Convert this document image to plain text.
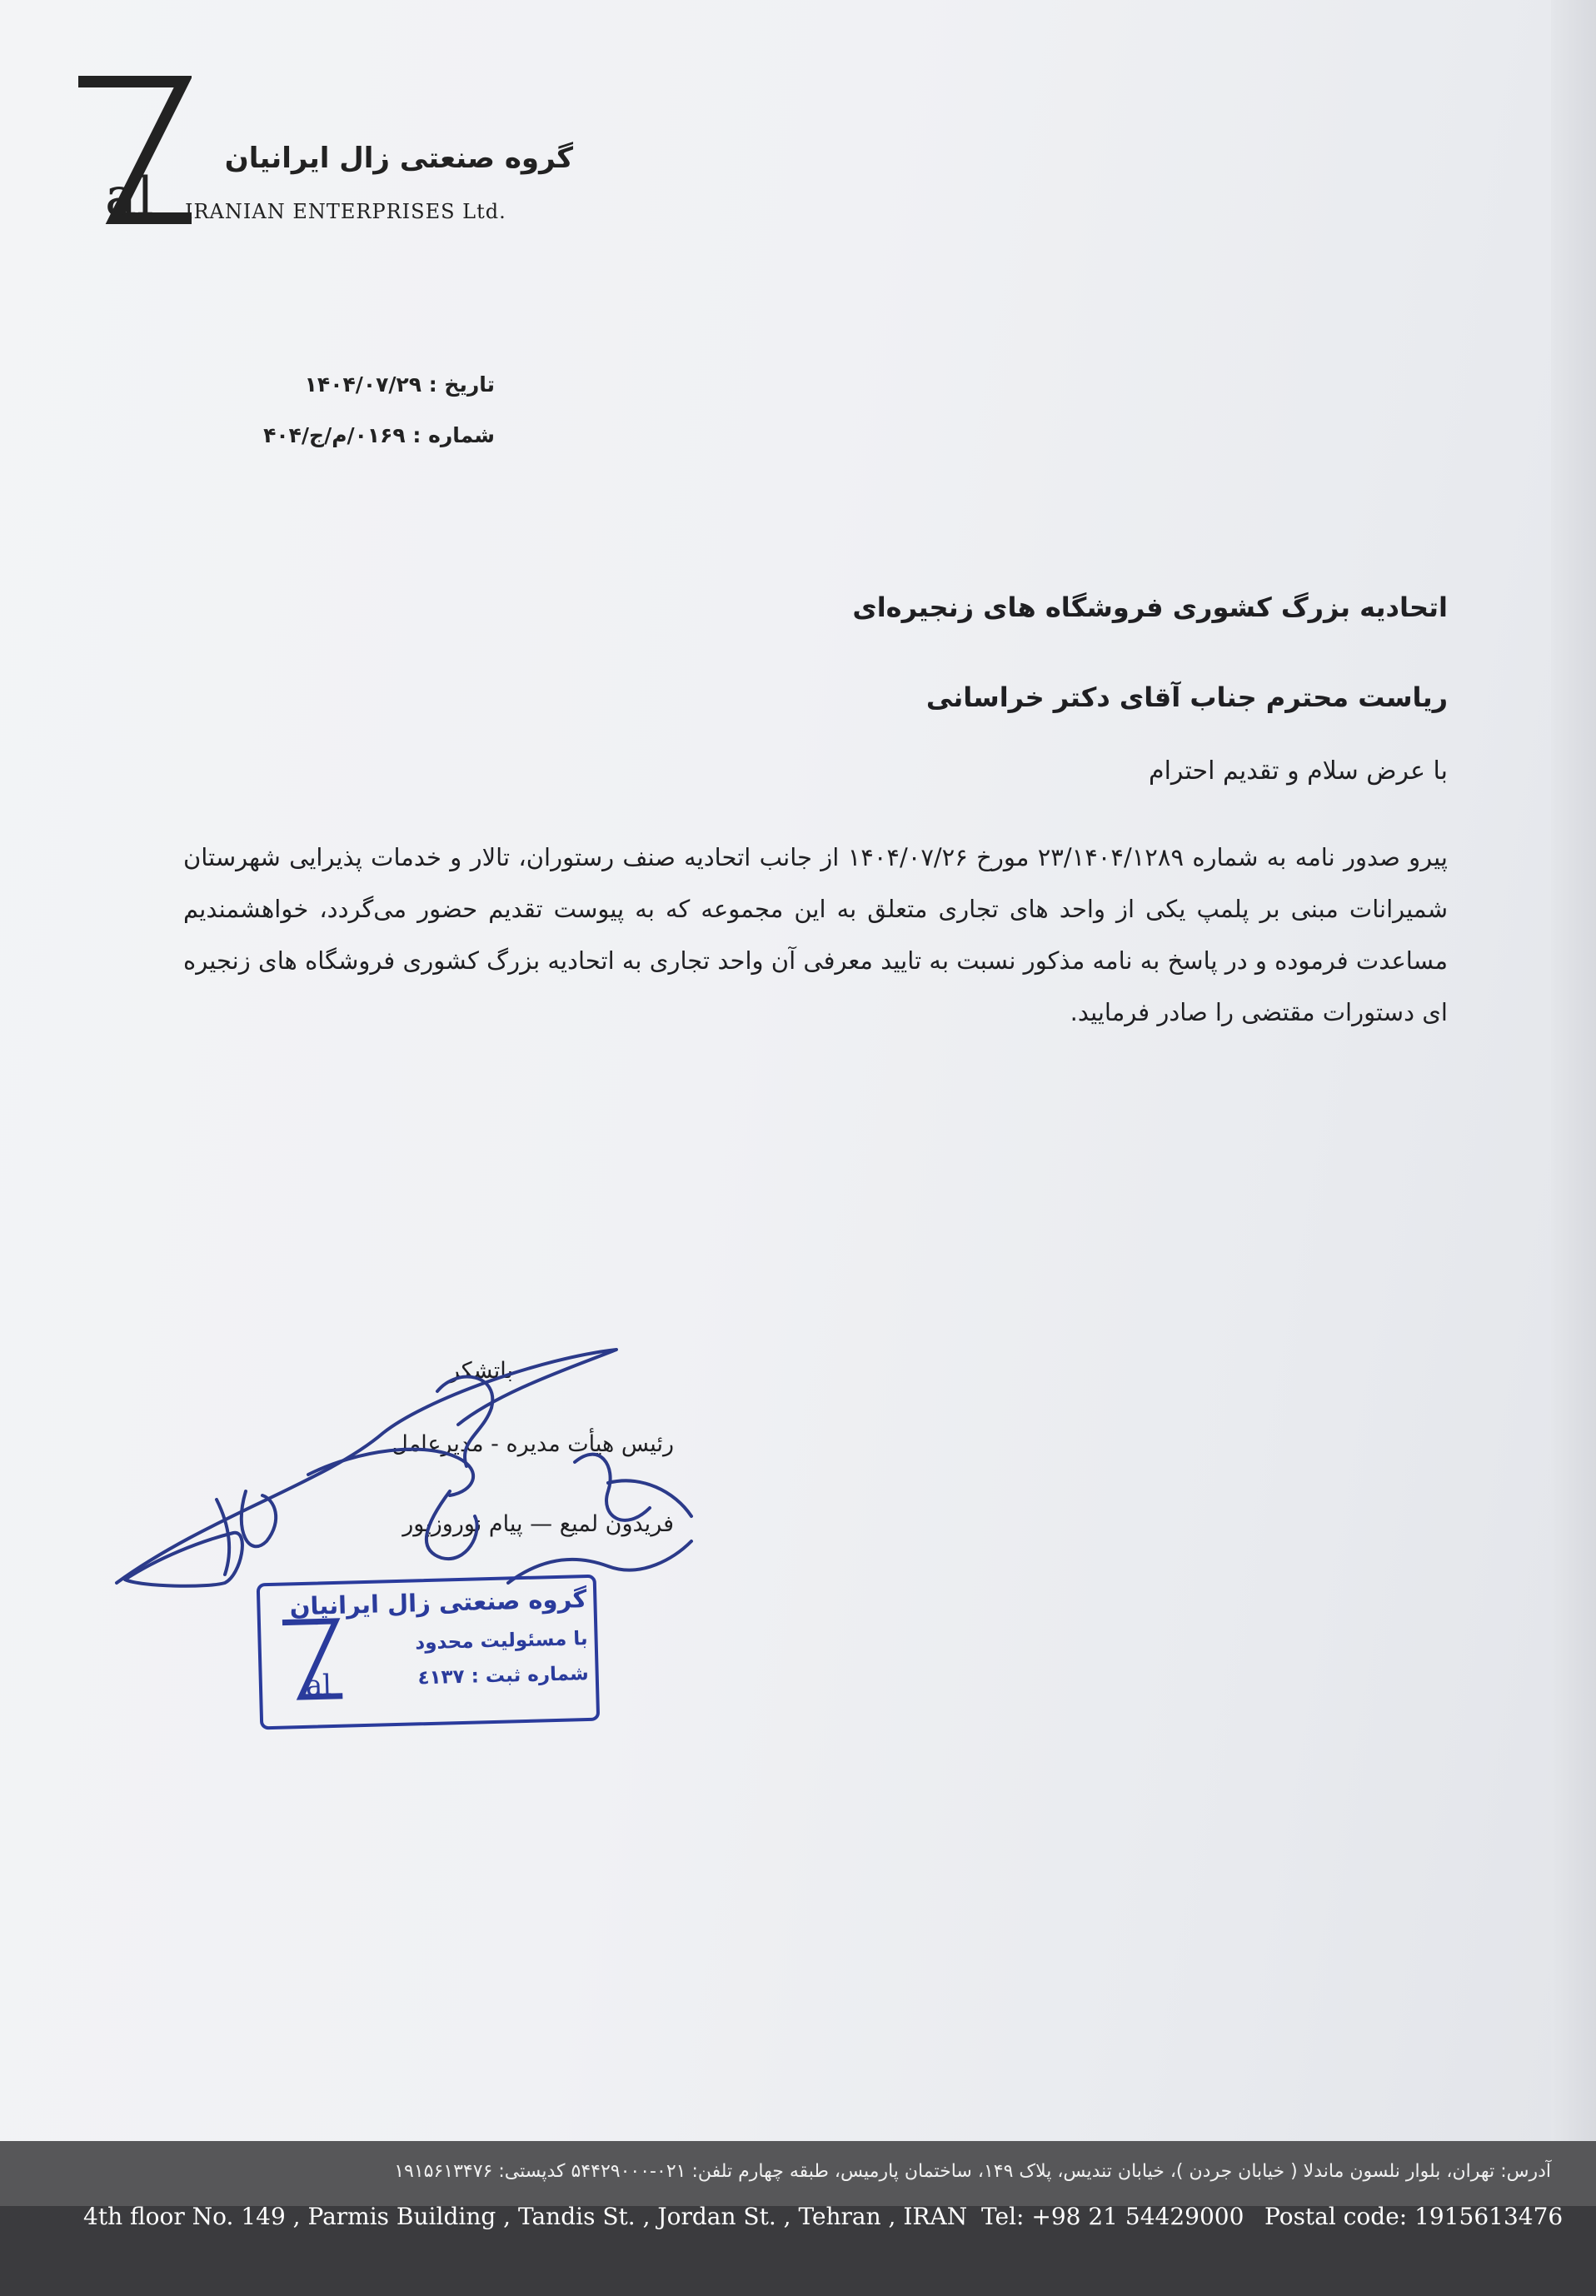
al
گروه صنعتی زال ایرانیان
IRANIAN ENTERPRISES Ltd.
تاریخ : ۱۴۰۴/۰۷/۲۹
شماره : ۰۱۶۹/م/ج/۴۰۴
اتحادیه بزرگ کشوری فروشگاه های زنجیره‌ای
ریاست محترم جناب آقای دکتر خراسانی
با عرض سلام و تقدیم احترام
پیرو صدور نامه به شماره ۲۳/۱۴۰۴/۱۲۸۹ مورخ ۱۴۰۴/۰۷/۲۶ از جانب اتحادیه صنف رستوران، تالار و خدمات پذیرایی شهرستان شمیرانات مبنی بر پلمپ یکی از واحد های تجاری متعلق به این مجموعه که به پیوست تقدیم حضور می‌گردد، خواهشمندیم مساعدت فرموده و در پاسخ به نامه مذکور نسبت به تایید معرفی آن واحد تجاری به اتحادیه بزرگ کشوری فروشگاه های زنجیره ای دستورات مقتضی را صادر فرمایید.
باتشکر
رئیس هیأت مدیره - مدیرعامل
فریدون لمیع — پیام نوروزپور
al
گروه صنعتی زال ایرانیان
با مسئولیت محدود
شماره ثبت : ٤١٣٧
آدرس: تهران، بلوار نلسون ماندلا ( خیابان جردن )، خیابان تندیس، پلاک ۱۴۹، ساختمان پارمیس، طبقه چهارم تلفن: ۰۲۱-۵۴۴۲۹۰۰۰ کدپستی: ۱۹۱۵۶۱۳۴۷۶
4th floor No. 149 , Parmis Building , Tandis St. , Jordan St. , Tehran , IRAN Tel: +98 21 54429000 Postal code: 1915613476
